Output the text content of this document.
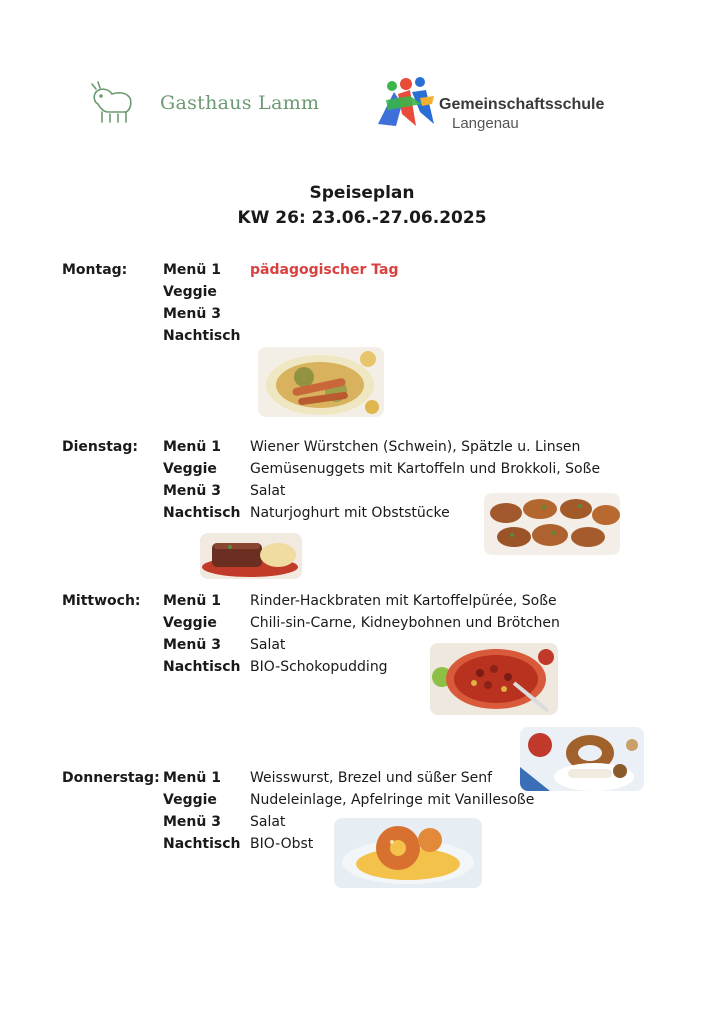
Gasthaus Lamm	Gemeinschaftsschule
Langenau
Speiseplan
KW 26: 23.06.-27.06.2025
Montag:	Menü 1 pädagogischer Tag
Veggie
Menü 3
Nachtisch
Dienstag: Menü 1 Wiener Würstchen (Schwein), Spätzle u. Linsen
Veggie Gemüsenuggets mit Kartoffeln und Brokkoli, Soße
Menü 3 Salat
Nachtisch Naturjoghurt mit Obststücke
Mittwoch: Menü 1 Rinder-Hackbraten mit Kartoffelpürée, Soße
Veggie Chili-sin-Carne, Kidneybohnen und Brötchen
Menü 3 Salat
Nachtisch BIO-Schokopudding
Donnerstag: Menü 1 Weisswurst, Brezel und süßer Senf
Veggie Nudeleinlage, Apfelringe mit Vanillesoße
Menü 3 Salat
Nachtisch BIO-Obst
